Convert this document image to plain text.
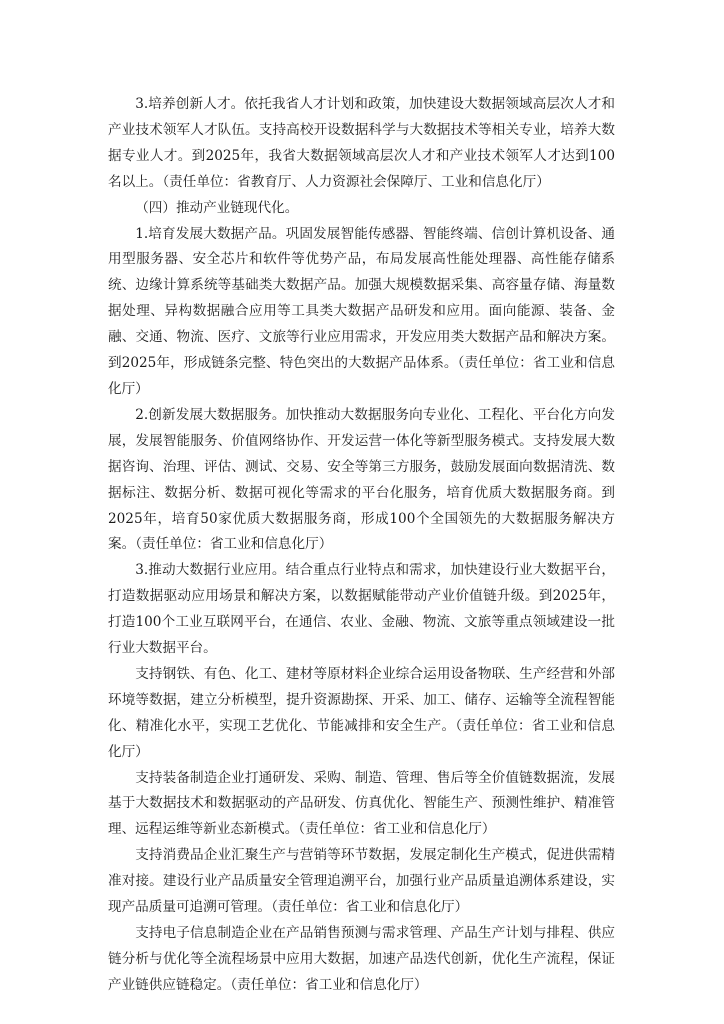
3.培养创新人才。依托我省人才计划和政策，加快建设大数据领域高层次人才和产业技术领军人才队伍。支持高校开设数据科学与大数据技术等相关专业，培养大数据专业人才。到2025年，我省大数据领域高层次人才和产业技术领军人才达到100名以上。（责任单位：省教育厅、人力资源社会保障厅、工业和信息化厅）

（四）推动产业链现代化。

1.培育发展大数据产品。巩固发展智能传感器、智能终端、信创计算机设备、通用型服务器、安全芯片和软件等优势产品，布局发展高性能处理器、高性能存储系统、边缘计算系统等基础类大数据产品。加强大规模数据采集、高容量存储、海量数据处理、异构数据融合应用等工具类大数据产品研发和应用。面向能源、装备、金融、交通、物流、医疗、文旅等行业应用需求，开发应用类大数据产品和解决方案。到2025年，形成链条完整、特色突出的大数据产品体系。（责任单位：省工业和信息化厅）

2.创新发展大数据服务。加快推动大数据服务向专业化、工程化、平台化方向发展，发展智能服务、价值网络协作、开发运营一体化等新型服务模式。支持发展大数据咨询、治理、评估、测试、交易、安全等第三方服务，鼓励发展面向数据清洗、数据标注、数据分析、数据可视化等需求的平台化服务，培育优质大数据服务商。到2025年，培育50家优质大数据服务商，形成100个全国领先的大数据服务解决方案。（责任单位：省工业和信息化厅）

3.推动大数据行业应用。结合重点行业特点和需求，加快建设行业大数据平台，打造数据驱动应用场景和解决方案，以数据赋能带动产业价值链升级。到2025年，打造100个工业互联网平台，在通信、农业、金融、物流、文旅等重点领域建设一批行业大数据平台。

支持钢铁、有色、化工、建材等原材料企业综合运用设备物联、生产经营和外部环境等数据，建立分析模型，提升资源勘探、开采、加工、储存、运输等全流程智能化、精准化水平，实现工艺优化、节能减排和安全生产。（责任单位：省工业和信息化厅）

支持装备制造企业打通研发、采购、制造、管理、售后等全价值链数据流，发展基于大数据技术和数据驱动的产品研发、仿真优化、智能生产、预测性维护、精准管理、远程运维等新业态新模式。（责任单位：省工业和信息化厅）

支持消费品企业汇聚生产与营销等环节数据，发展定制化生产模式，促进供需精准对接。建设行业产品质量安全管理追溯平台，加强行业产品质量追溯体系建设，实现产品质量可追溯可管理。（责任单位：省工业和信息化厅）

支持电子信息制造企业在产品销售预测与需求管理、产品生产计划与排程、供应链分析与优化等全流程场景中应用大数据，加速产品迭代创新，优化生产流程，保证产业链供应链稳定。（责任单位：省工业和信息化厅）
